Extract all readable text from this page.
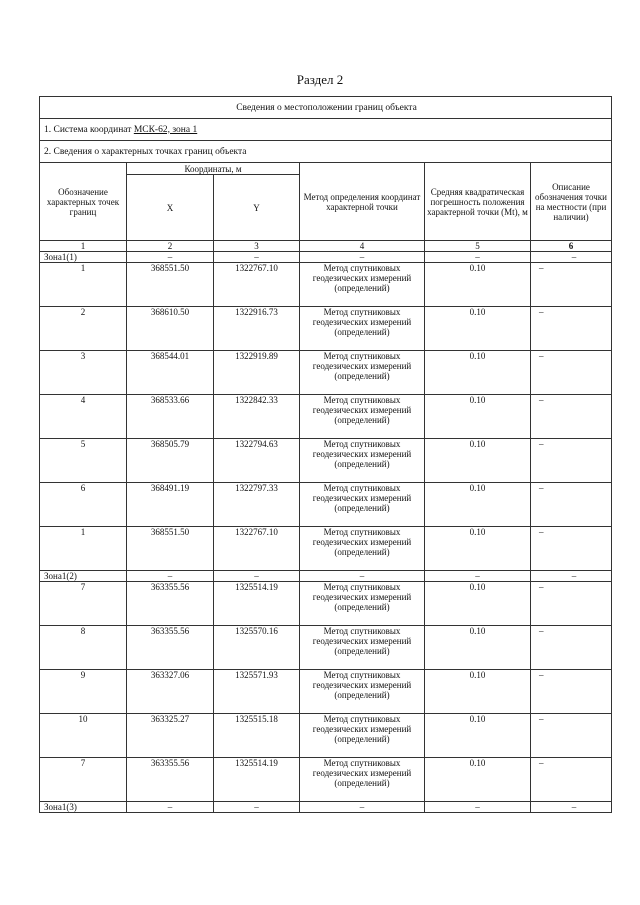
Раздел 2
Сведения о местоположении границ объекта					
1. Система координат МСК-62, зона 1					
2. Сведения о характерных точках границ объекта					
Обозначение характерных точек границ	Координаты, м		Метод определения координат характерной точки	Средняя квадратическая погрешность положения характерной точки (Mt), м	Описание обозначения точки на местности (при наличии)
	X	Y			
1	2	3	4	5	6
Зона1(1)	–	–	–	–	–
1	368551.50	1322767.10	Метод спутниковых геодезических измерений (определений)	0.10	–
2	368610.50	1322916.73	Метод спутниковых геодезических измерений (определений)	0.10	–
3	368544.01	1322919.89	Метод спутниковых геодезических измерений (определений)	0.10	–
4	368533.66	1322842.33	Метод спутниковых геодезических измерений (определений)	0.10	–
5	368505.79	1322794.63	Метод спутниковых геодезических измерений (определений)	0.10	–
6	368491.19	1322797.33	Метод спутниковых геодезических измерений (определений)	0.10	–
1	368551.50	1322767.10	Метод спутниковых геодезических измерений (определений)	0.10	–
Зона1(2)	–	–	–	–	–
7	363355.56	1325514.19	Метод спутниковых геодезических измерений (определений)	0.10	–
8	363355.56	1325570.16	Метод спутниковых геодезических измерений (определений)	0.10	–
9	363327.06	1325571.93	Метод спутниковых геодезических измерений (определений)	0.10	–
10	363325.27	1325515.18	Метод спутниковых геодезических измерений (определений)	0.10	–
7	363355.56	1325514.19	Метод спутниковых геодезических измерений (определений)	0.10	–
Зона1(3)	–	–	–	–	–
